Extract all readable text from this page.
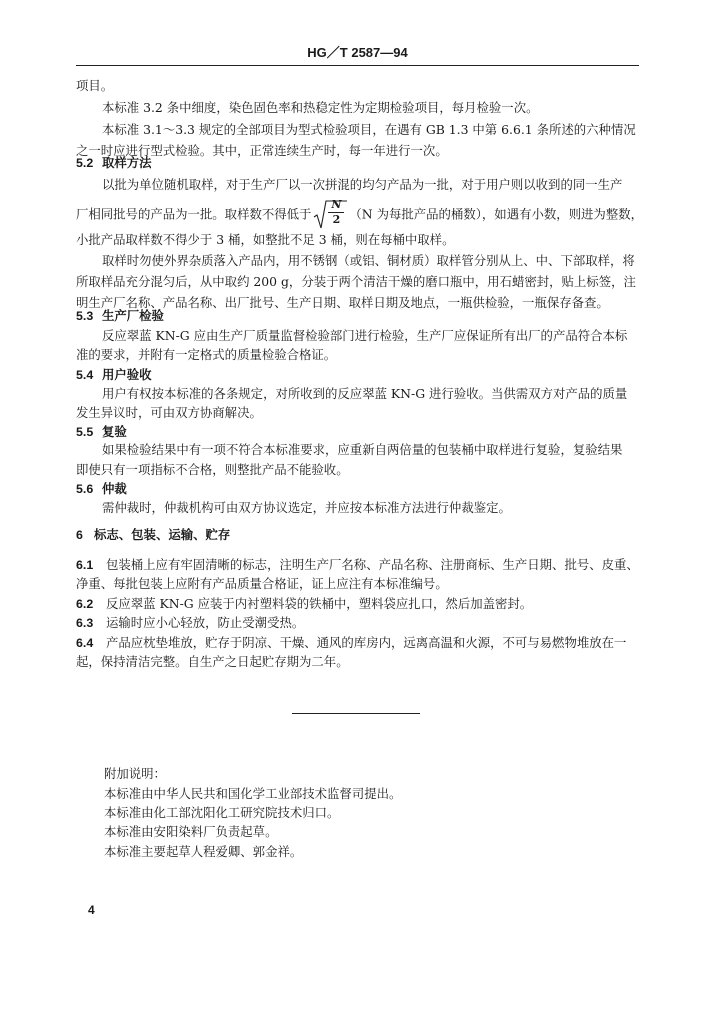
HG／T 2587—94
项目。
本标准 3.2 条中细度，染色固色率和热稳定性为定期检验项目，每月检验一次。
本标准 3.1～3.3 规定的全部项目为型式检验项目，在遇有 GB 1.3 中第 6.6.1 条所述的六种情况
之一时应进行型式检验。其中，正常连续生产时，每一年进行一次。
5.2 取样方法
以批为单位随机取样，对于生产厂以一次拼混的均匀产品为一批，对于用户则以收到的同一生产
厂相同批号的产品为一批。取样数不得低于
N
2 （N 为每批产品的桶数），如遇有小数，则进为整数，
小批产品取样数不得少于 3 桶，如整批不足 3 桶，则在每桶中取样。
取样时勿使外界杂质落入产品内，用不锈钢（或铝、铜材质）取样管分别从上、中、下部取样，将
所取样品充分混匀后，从中取约 200 g，分装于两个清洁干燥的磨口瓶中，用石蜡密封，贴上标签，注
明生产厂名称、产品名称、出厂批号、生产日期、取样日期及地点，一瓶供检验，一瓶保存备查。
5.3 生产厂检验
反应翠蓝 KN-G 应由生产厂质量监督检验部门进行检验，生产厂应保证所有出厂的产品符合本标
准的要求，并附有一定格式的质量检验合格证。
5.4 用户验收
用户有权按本标准的各条规定，对所收到的反应翠蓝 KN-G 进行验收。当供需双方对产品的质量
发生异议时，可由双方协商解决。
5.5 复验
如果检验结果中有一项不符合本标准要求，应重新自两倍量的包装桶中取样进行复验，复验结果
即使只有一项指标不合格，则整批产品不能验收。
5.6 仲裁
需仲裁时，仲裁机构可由双方协议选定，并应按本标准方法进行仲裁鉴定。
6 标志、包装、运输、贮存
6.1 包装桶上应有牢固清晰的标志，注明生产厂名称、产品名称、注册商标、生产日期、批号、皮重、
净重、每批包装上应附有产品质量合格证，证上应注有本标准编号。
6.2 反应翠蓝 KN-G 应装于内衬塑料袋的铁桶中，塑料袋应扎口，然后加盖密封。
6.3 运输时应小心轻放，防止受潮受热。
6.4 产品应枕垫堆放，贮存于阴凉、干燥、通风的库房内，远离高温和火源，不可与易燃物堆放在一
起，保持清洁完整。自生产之日起贮存期为二年。
附加说明：
本标准由中华人民共和国化学工业部技术监督司提出。
本标准由化工部沈阳化工研究院技术归口。
本标准由安阳染料厂负责起草。
本标准主要起草人程爱卿、郭金祥。
4
